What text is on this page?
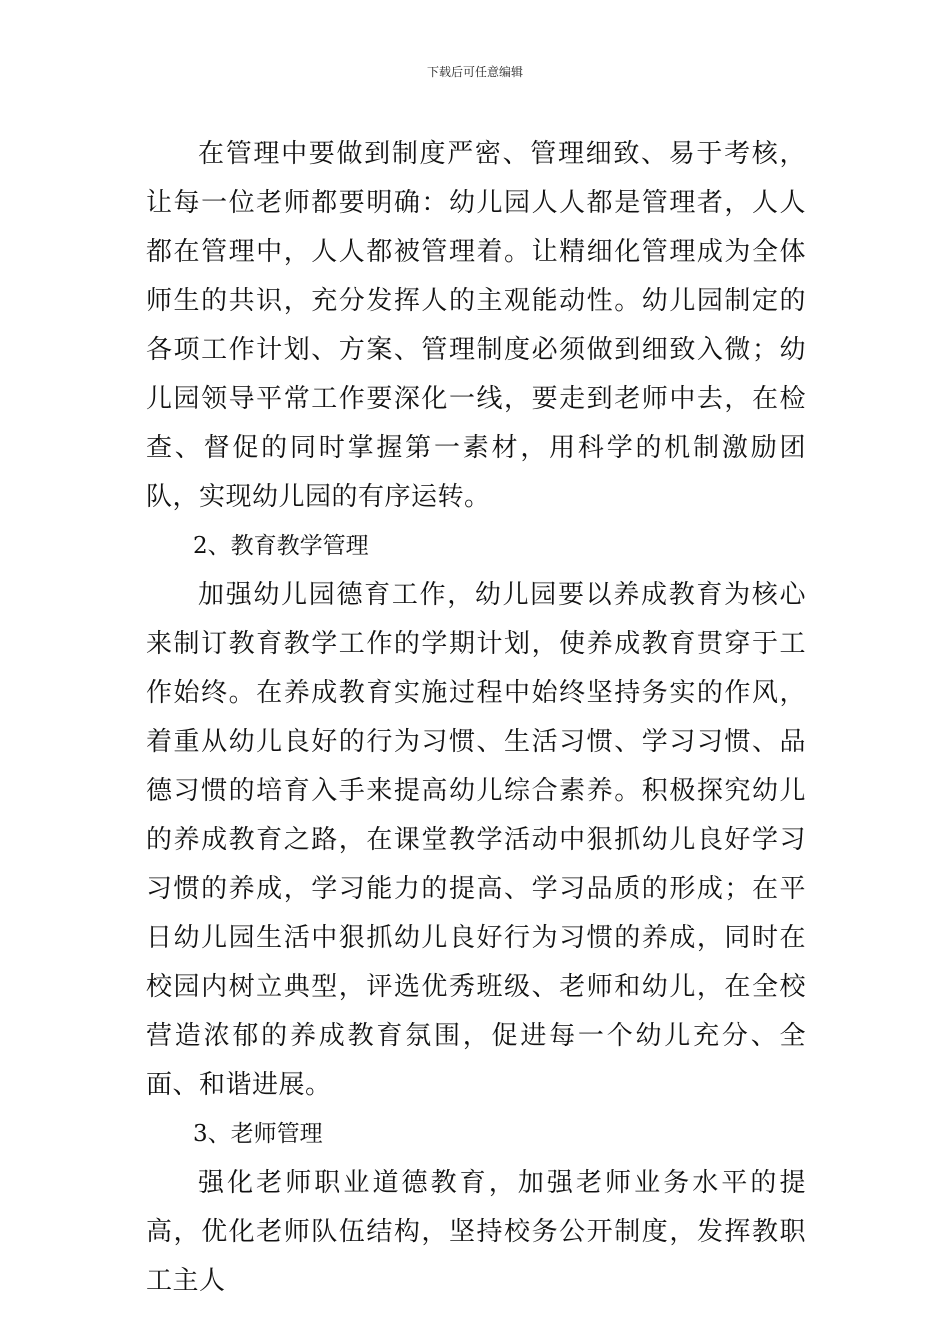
下载后可任意编辑

在管理中要做到制度严密、管理细致、易于考核，让每一位老师都要明确：幼儿园人人都是管理者，人人都在管理中，人人都被管理着。让精细化管理成为全体师生的共识，充分发挥人的主观能动性。幼儿园制定的各项工作计划、方案、管理制度必须做到细致入微；幼儿园领导平常工作要深化一线，要走到老师中去，在检查、督促的同时掌握第一素材，用科学的机制激励团队，实现幼儿园的有序运转。

2、教育教学管理

加强幼儿园德育工作，幼儿园要以养成教育为核心来制订教育教学工作的学期计划，使养成教育贯穿于工作始终。在养成教育实施过程中始终坚持务实的作风，着重从幼儿良好的行为习惯、生活习惯、学习习惯、品德习惯的培育入手来提高幼儿综合素养。积极探究幼儿的养成教育之路，在课堂教学活动中狠抓幼儿良好学习习惯的养成，学习能力的提高、学习品质的形成；在平日幼儿园生活中狠抓幼儿良好行为习惯的养成，同时在校园内树立典型，评选优秀班级、老师和幼儿，在全校营造浓郁的养成教育氛围，促进每一个幼儿充分、全面、和谐进展。

3、老师管理

强化老师职业道德教育，加强老师业务水平的提高，优化老师队伍结构，坚持校务公开制度，发挥教职工主人
